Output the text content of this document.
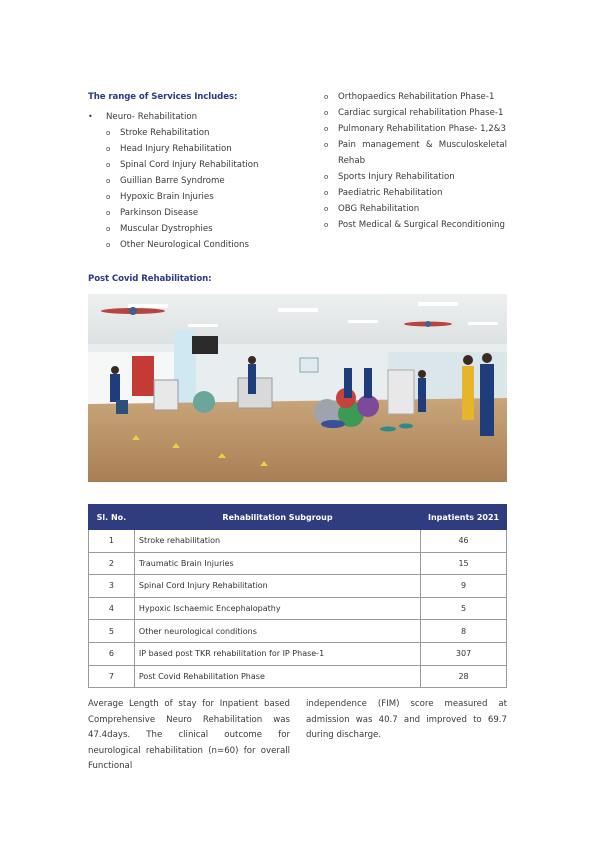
The range of Services Includes:
•	Neuro- Rehabilitation
o	Stroke Rehabilitation
o	Head Injury Rehabilitation
o	Spinal Cord Injury Rehabilitation
o	Guillian Barre Syndrome
o	Hypoxic Brain Injuries
o	Parkinson Disease
o	Muscular Dystrophies
o	Other Neurological Conditions
o	Orthopaedics Rehabilitation Phase-1
o	Cardiac surgical rehabilitation Phase-1
o	Pulmonary Rehabilitation Phase- 1,2&3
o	Pain management & Musculoskeletal Rehab
o	Sports Injury Rehabilitation
o	Paediatric Rehabilitation
o	OBG Rehabilitation
o	Post Medical & Surgical Reconditioning
Post Covid Rehabilitation:
Sl. No.	Rehabilitation Subgroup	Inpatients 2021
1	Stroke rehabilitation	46
2	Traumatic Brain Injuries	15
3	Spinal Cord Injury Rehabilitation	9
4	Hypoxic Ischaemic Encephalopathy	5
5	Other neurological conditions	8
6	IP based post TKR rehabilitation for IP Phase-1	307
7	Post Covid Rehabilitation Phase	28
Average Length of stay for Inpatient based Comprehensive Neuro Rehabilitation was 47.4days. The clinical outcome for neurological rehabilitation (n=60) for overall Functional
independence (FIM) score measured at admission was 40.7 and improved to 69.7 during discharge.
